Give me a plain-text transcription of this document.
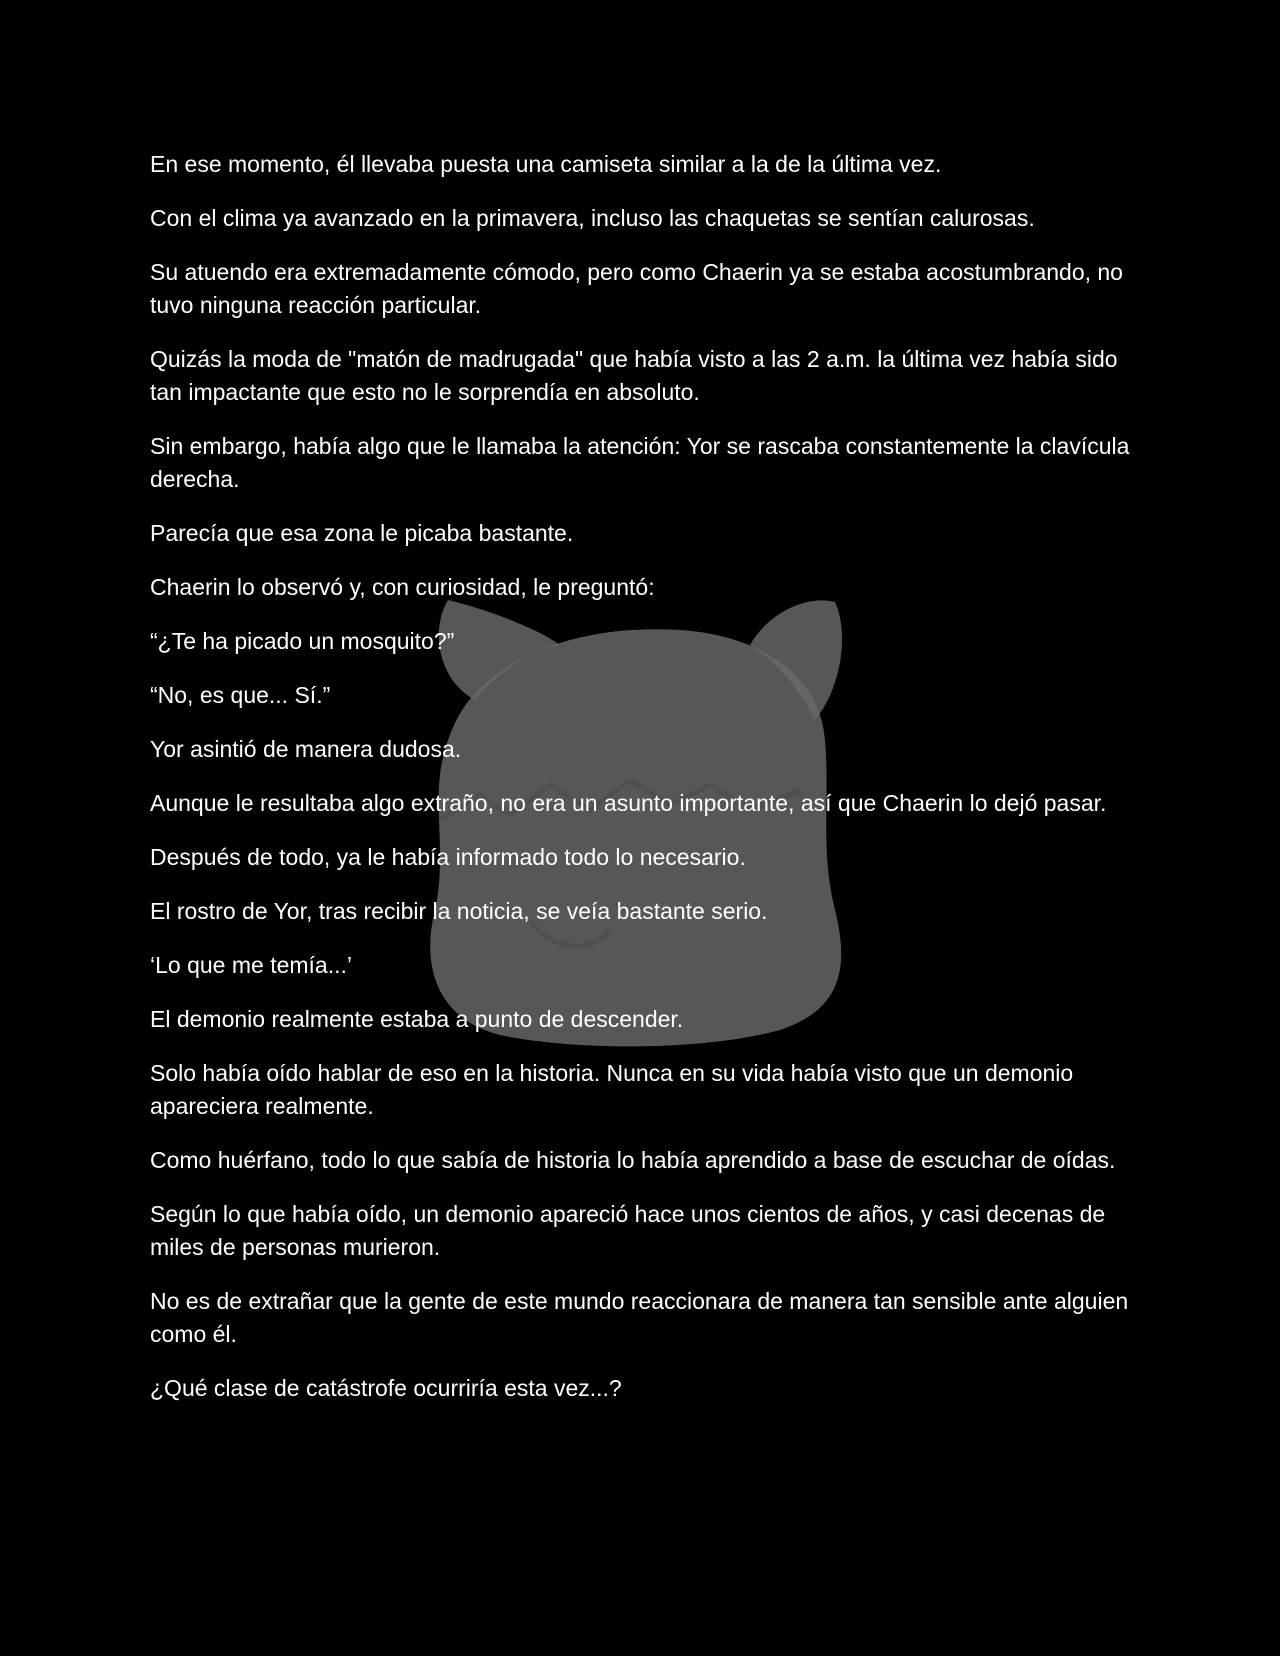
En ese momento, él llevaba puesta una camiseta similar a la de la última vez.

Con el clima ya avanzado en la primavera, incluso las chaquetas se sentían calurosas.

Su atuendo era extremadamente cómodo, pero como Chaerin ya se estaba acostumbrando, no tuvo ninguna reacción particular.

Quizás la moda de "matón de madrugada" que había visto a las 2 a.m. la última vez había sido tan impactante que esto no le sorprendía en absoluto.

Sin embargo, había algo que le llamaba la atención: Yor se rascaba constantemente la clavícula derecha.

Parecía que esa zona le picaba bastante.

Chaerin lo observó y, con curiosidad, le preguntó:

“¿Te ha picado un mosquito?”

“No, es que... Sí.”

Yor asintió de manera dudosa.

Aunque le resultaba algo extraño, no era un asunto importante, así que Chaerin lo dejó pasar.

Después de todo, ya le había informado todo lo necesario.

El rostro de Yor, tras recibir la noticia, se veía bastante serio.

‘Lo que me temía...’

El demonio realmente estaba a punto de descender.

Solo había oído hablar de eso en la historia. Nunca en su vida había visto que un demonio apareciera realmente.

Como huérfano, todo lo que sabía de historia lo había aprendido a base de escuchar de oídas.

Según lo que había oído, un demonio apareció hace unos cientos de años, y casi decenas de miles de personas murieron.

No es de extrañar que la gente de este mundo reaccionara de manera tan sensible ante alguien como él.

¿Qué clase de catástrofe ocurriría esta vez...?
